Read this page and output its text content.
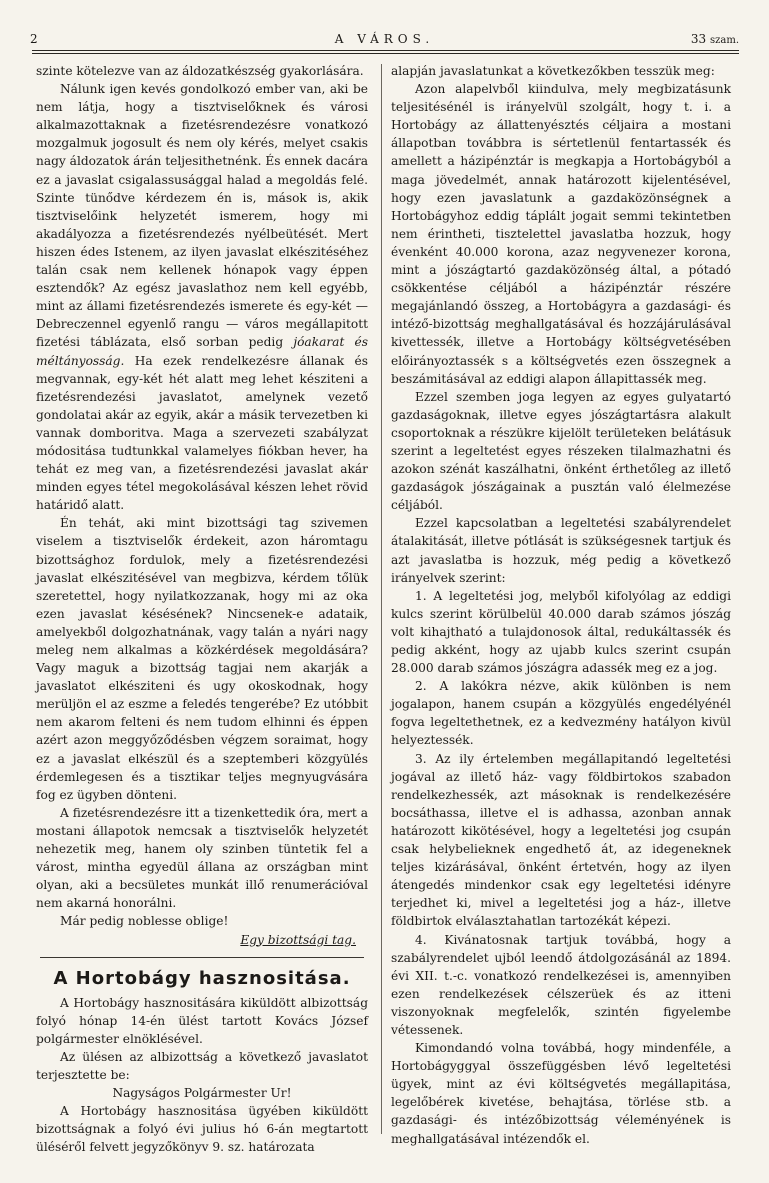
2	A VÁROS.	33 szam.

szinte kötelezve van az áldozatkészség gyakorlására.

Nálunk igen kevés gondolkozó ember van, aki be nem látja, hogy a tisztviselőknek és városi alkalmazottaknak a fizetésrendezésre vonatkozó mozgalmuk jogosult és nem oly kérés, melyet csakis nagy áldozatok árán teljesithetnénk. És ennek dacára ez a javaslat csigalassusággal halad a megoldás felé. Szinte tünődve kérdezem én is, mások is, akik tisztviselőink helyzetét ismerem, hogy mi akadályozza a fizetésrendezés nyélbeütését. Mert hiszen édes Istenem, az ilyen javaslat elkészitéséhez talán csak nem kellenek hónapok vagy éppen esztendők? Az egész javaslathoz nem kell egyébb, mint az állami fizetésrendezés ismerete és egy-két — Debreczennel egyenlő rangu — város megállapitott fizetési táblázata, első sorban pedig jóakarat és méltányosság. Ha ezek rendelkezésre állanak és megvannak, egy-két hét alatt meg lehet késziteni a fizetésrendezési javaslatot, amelynek vezető gondolatai akár az egyik, akár a másik tervezetben ki vannak domboritva. Maga a szervezeti szabályzat módositása tudtunkkal valamelyes fiókban hever, ha tehát ez meg van, a fizetésrendezési javaslat akár minden egyes tétel megokolásával készen lehet rövid határidő alatt.

Én tehát, aki mint bizottsági tag szivemen viselem a tisztviselők érdekeit, azon háromtagu bizottsághoz fordulok, mely a fizetésrendezési javaslat elkészitésével van megbizva, kérdem tőlük szeretettel, hogy nyilatkozzanak, hogy mi az oka ezen javaslat késésének? Nincsenek-e adataik, amelyekből dolgozhatnának, vagy talán a nyári nagy meleg nem alkalmas a közkérdések megoldására? Vagy maguk a bizottság tagjai nem akarják a javaslatot elkésziteni és ugy okoskodnak, hogy merüljön el az eszme a feledés tengerébe? Ez utóbbit nem akarom felteni és nem tudom elhinni és éppen azért azon meggyőződésben végzem soraimat, hogy ez a javaslat elkészül és a szeptemberi közgyülés érdemlegesen és a tisztikar teljes megnyugvására fog ez ügyben dönteni.

A fizetésrendezésre itt a tizenkettedik óra, mert a mostani állapotok nemcsak a tisztviselők helyzetét nehezetik meg, hanem oly szinben tüntetik fel a várost, mintha egyedül állana az országban mint olyan, aki a becsületes munkát illő renumerációval nem akarná honorálni.

Már pedig noblesse oblige!

Egy bizottsági tag.

A Hortobágy hasznositása.

A Hortobágy hasznositására kiküldött albizottság folyó hónap 14-én ülést tartott Kovács József polgármester elnöklésével.

Az ülésen az albizottság a következő javaslatot terjesztette be:

Nagyságos Polgármester Ur!

A Hortobágy hasznositása ügyében kiküldött bizottságnak a folyó évi julius hó 6-án megtartott üléséről felvett jegyzőkönyv 9. sz. határozata

alapján javaslatunkat a következőkben tesszük meg:

Azon alapelvből kiindulva, mely megbizatásunk teljesitésénél is irányelvül szolgált, hogy t. i. a Hortobágy az állattenyésztés céljaira a mostani állapotban továbbra is sértetlenül fentartassék és amellett a házipénztár is megkapja a Hortobágyból a maga jövedelmét, annak határozott kijelentésével, hogy ezen javaslatunk a gazdaközönségnek a Hortobágyhoz eddig táplált jogait semmi tekintetben nem érintheti, tisztelettel javaslatba hozzuk, hogy évenként 40.000 korona, azaz negyvenezer korona, mint a jószágtartó gazdaközönség által, a pótadó csökkentése céljából a házipénztár részére megajánlandó összeg, a Hortobágyra a gazdasági- és intéző-bizottság meghallgatásával és hozzájárulásával kivettessék, illetve a Hortobágy költségvetésében előirányoztassék s a költségvetés ezen összegnek a beszámitásával az eddigi alapon állapittassék meg.

Ezzel szemben joga legyen az egyes gulyatartó gazdaságoknak, illetve egyes jószágtartásra alakult csoportoknak a részükre kijelölt területeken belátásuk szerint a legeltetést egyes részeken tilalmazhatni és azokon szénát kaszálhatni, önként érthetőleg az illető gazdaságok jószágainak a pusztán való élelmezése céljából.

Ezzel kapcsolatban a legeltetési szabályrendelet átalakitását, illetve pótlását is szükségesnek tartjuk és azt javaslatba is hozzuk, még pedig a következő irányelvek szerint:

1. A legeltetési jog, melyből kifolyólag az eddigi kulcs szerint körülbelül 40.000 darab számos jószág volt kihajtható a tulajdonosok által, redukáltassék és pedig akként, hogy az ujabb kulcs szerint csupán 28.000 darab számos jószágra adassék meg ez a jog.

2. A lakókra nézve, akik különben is nem jogalapon, hanem csupán a közgyülés engedélyénél fogva legeltethetnek, ez a kedvezmény hatályon kivül helyeztessék.

3. Az ily értelemben megállapitandó legeltetési jogával az illető ház- vagy földbirtokos szabadon rendelkezhessék, azt másoknak is rendelkezésére bocsáthassa, illetve el is adhassa, azonban annak határozott kikötésével, hogy a legeltetési jog csupán csak helybelieknek engedhető át, az idegeneknek teljes kizárásával, önként értetvén, hogy az ilyen átengedés mindenkor csak egy legeltetési idényre terjedhet ki, mivel a legeltetési jog a ház-, illetve földbirtok elválasztahatlan tartozékát képezi.

4. Kivánatosnak tartjuk továbbá, hogy a szabályrendelet ujból leendő átdolgozásánál az 1894. évi XII. t.-c. vonatkozó rendelkezései is, amennyiben ezen rendelkezések célszerüek és az itteni viszonyoknak megfelelők, szintén figyelembe vétessenek.

Kimondandó volna továbbá, hogy mindenféle, a Hortobágyggyal összefüggésben lévő legeltetési ügyek, mint az évi költségvetés megállapitása, legelőbérek kivetése, behajtása, törlése stb. a gazdasági- és intézőbizottság véleményének is meghallgatásával intézendők el.
